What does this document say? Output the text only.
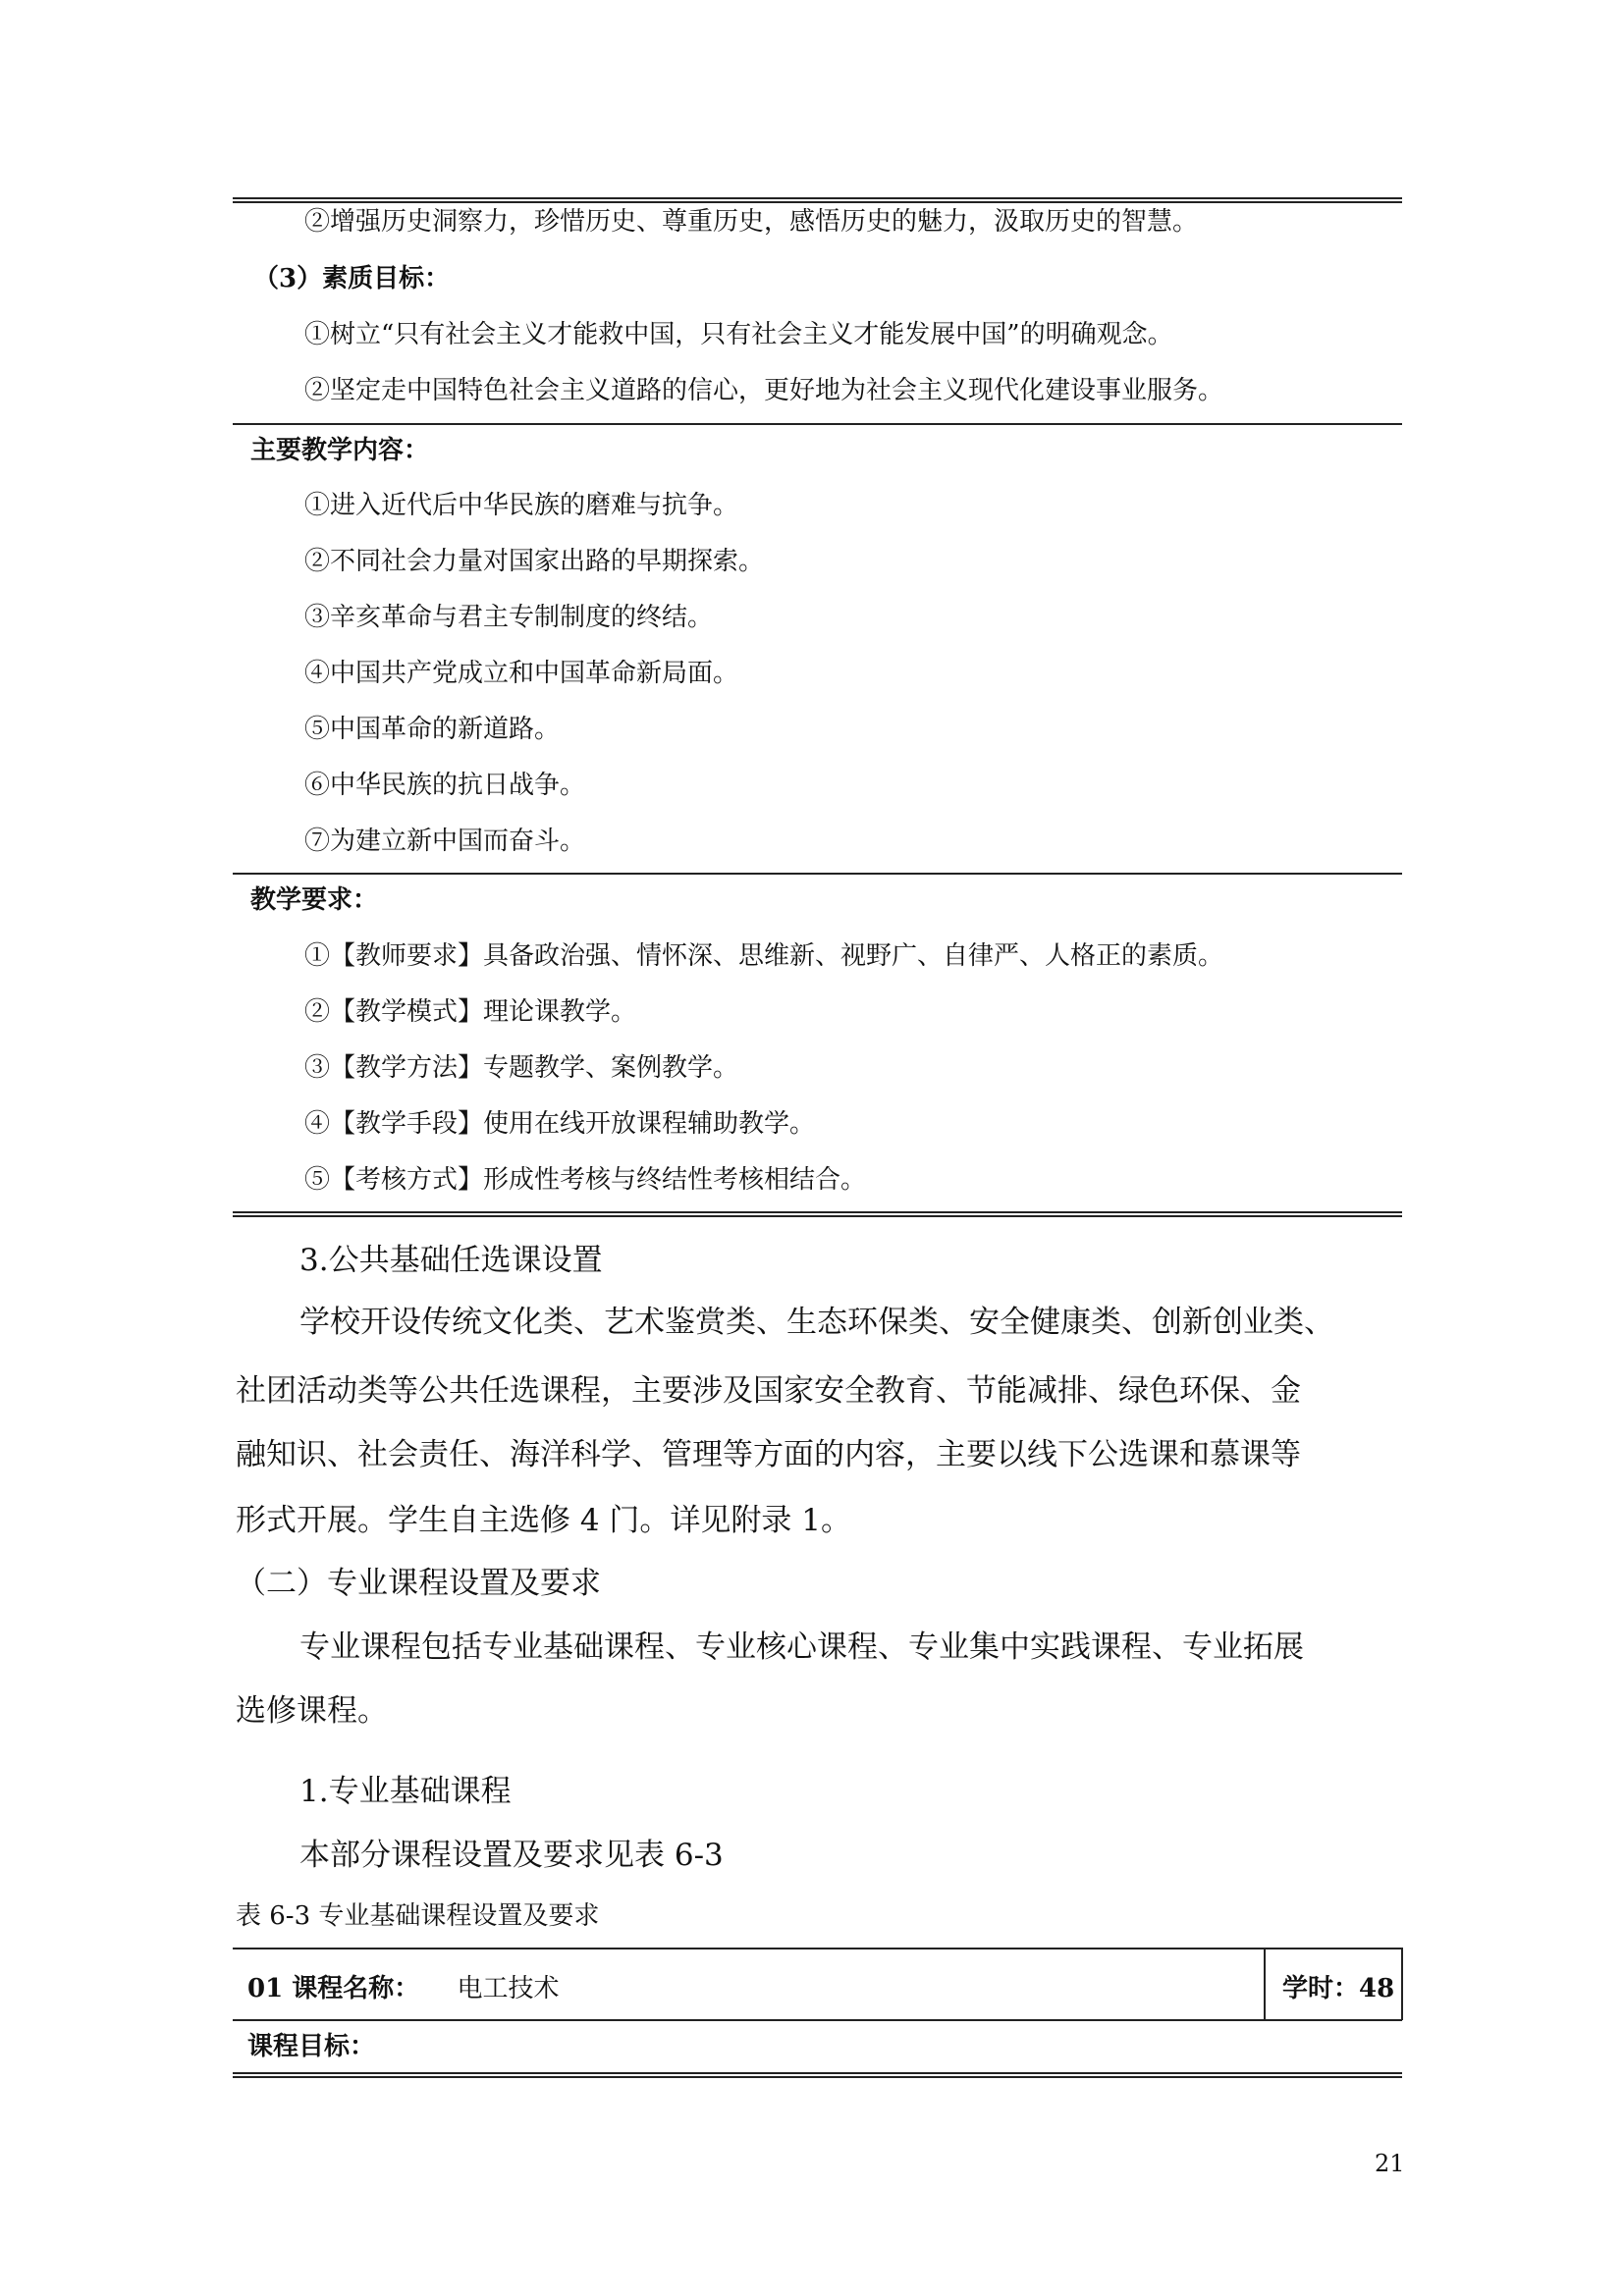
②增强历史洞察力，珍惜历史、尊重历史，感悟历史的魅力，汲取历史的智慧。
（3）素质目标：
①树立“只有社会主义才能救中国，只有社会主义才能发展中国”的明确观念。
②坚定走中国特色社会主义道路的信心，更好地为社会主义现代化建设事业服务。
主要教学内容：
①进入近代后中华民族的磨难与抗争。
②不同社会力量对国家出路的早期探索。
③辛亥革命与君主专制制度的终结。
④中国共产党成立和中国革命新局面。
⑤中国革命的新道路。
⑥中华民族的抗日战争。
⑦为建立新中国而奋斗。
教学要求：
①【教师要求】具备政治强、情怀深、思维新、视野广、自律严、人格正的素质。
②【教学模式】理论课教学。
③【教学方法】专题教学、案例教学。
④【教学手段】使用在线开放课程辅助教学。
⑤【考核方式】形成性考核与终结性考核相结合。
3.公共基础任选课设置
学校开设传统文化类、艺术鉴赏类、生态环保类、安全健康类、创新创业类、
社团活动类等公共任选课程，主要涉及国家安全教育、节能减排、绿色环保、金
融知识、社会责任、海洋科学、管理等方面的内容，主要以线下公选课和慕课等
形式开展。学生自主选修 4 门。详见附录 1。
（二）专业课程设置及要求
专业课程包括专业基础课程、专业核心课程、专业集中实践课程、专业拓展
选修课程。
1.专业基础课程
本部分课程设置及要求见表 6-3
表 6-3 专业基础课程设置及要求
01 课程名称： 电工技术	学时：48
课程目标：
21
